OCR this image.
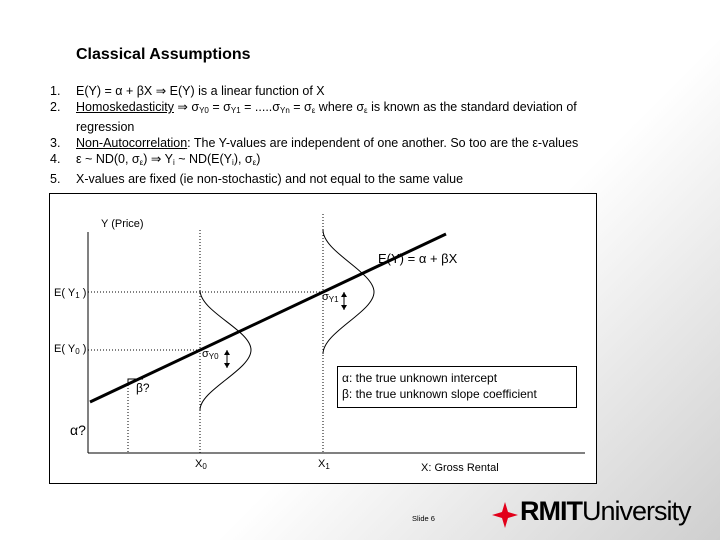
Classical Assumptions
1. E(Y) = α + βX ⇒ E(Y) is a linear function of X
2. Homoskedasticity ⇒ $\sigma_{Y0} = \sigma_{Y1} = .....\sigma_{Yn} = \sigma_\varepsilon$ where $\sigma_\varepsilon$ is known as the standard deviation of
regression
3. Non-Autocorrelation: The Y-values are independent of one another. So too are the ε-values
4. ε ~ ND(0, $\sigma_\varepsilon$) ⇒ $Y_i$ ~ $ND(E(Y_i)$, $\sigma_\varepsilon$)
5. X-values are fixed (ie non-stochastic) and not equal to the same value
Y (Price)
X: Gross Rental
E(Y) = α + βX
E( $Y_1$ )
E( $Y_0$ )
$X_0$	$X_1$
$\sigma_{Y1}$
$\sigma_{Y0}$
β?
α?
α: the true unknown intercept
β: the true unknown slope coefficient
Slide 6	RMITUniversity
